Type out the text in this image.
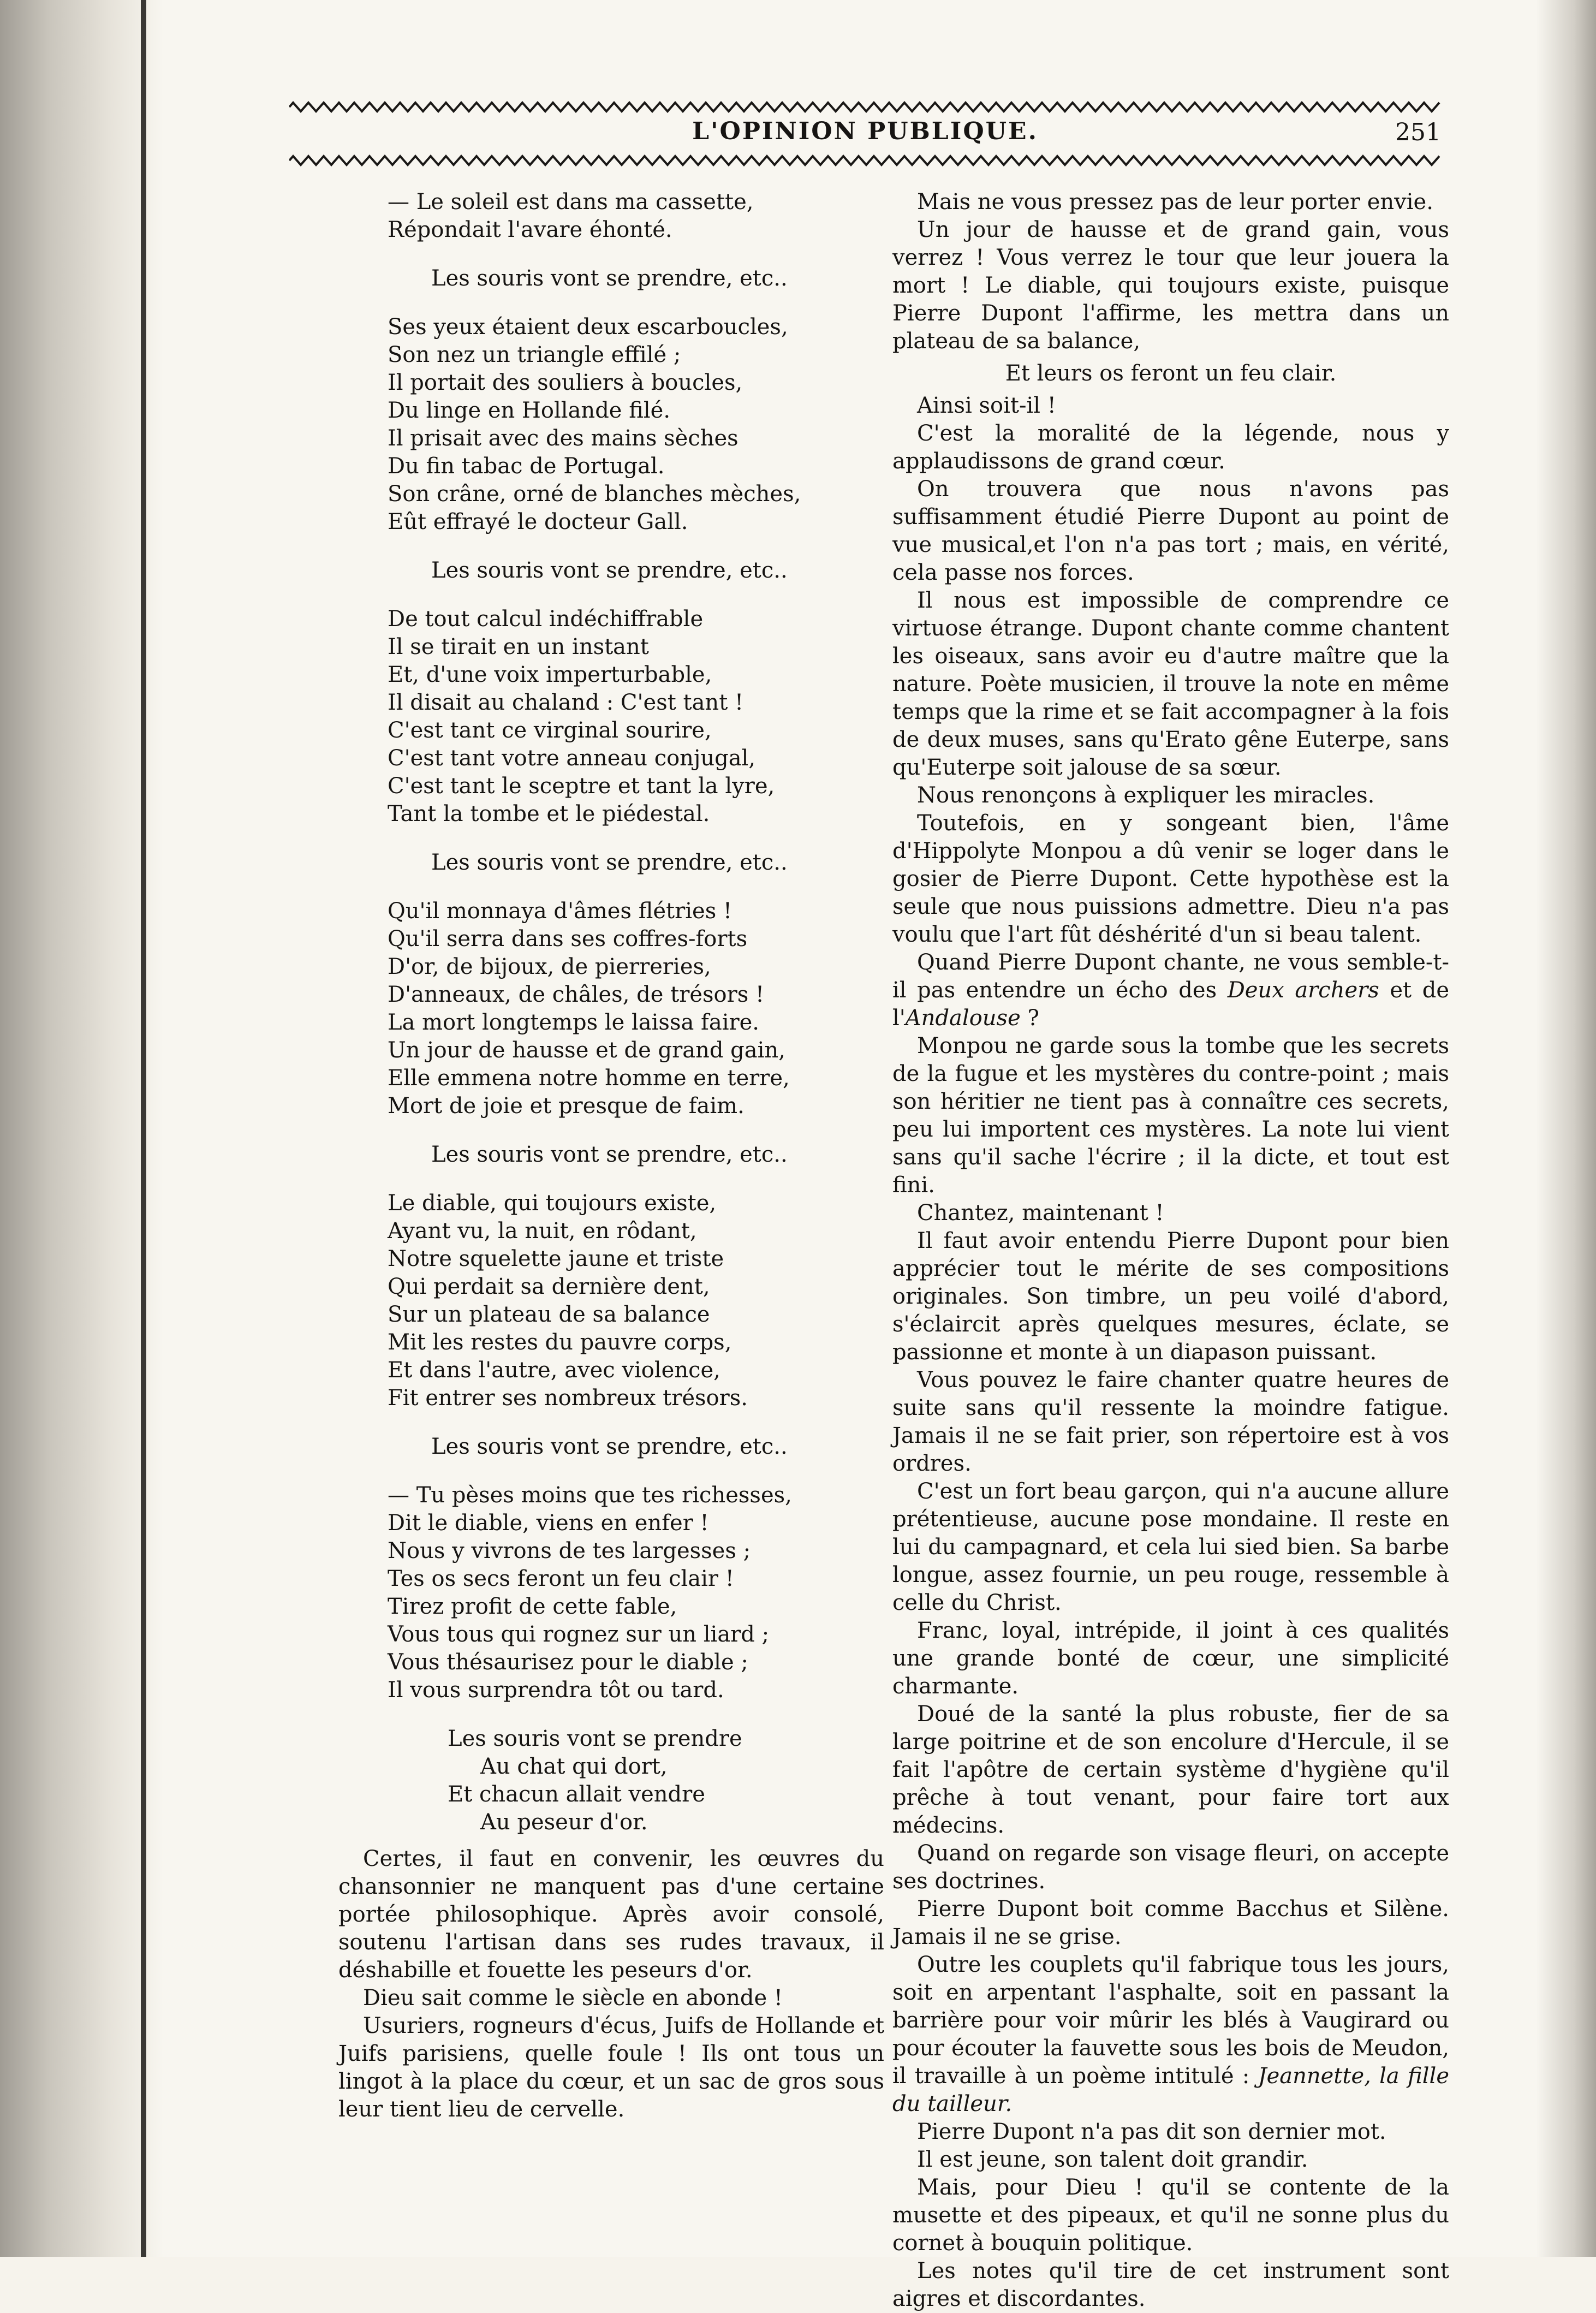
L'OPINION PUBLIQUE.	251
— Le soleil est dans ma cassette,
Répondait l'avare éhonté.
Les souris vont se prendre, etc..
Ses yeux étaient deux escarboucles,
Son nez un triangle effilé ;
Il portait des souliers à boucles,
Du linge en Hollande filé.
Il prisait avec des mains sèches
Du fin tabac de Portugal.
Son crâne, orné de blanches mèches,
Eût effrayé le docteur Gall.
Les souris vont se prendre, etc..
De tout calcul indéchiffrable
Il se tirait en un instant
Et, d'une voix imperturbable,
Il disait au chaland : C'est tant !
C'est tant ce virginal sourire,
C'est tant votre anneau conjugal,
C'est tant le sceptre et tant la lyre,
Tant la tombe et le piédestal.
Les souris vont se prendre, etc..
Qu'il monnaya d'âmes flétries !
Qu'il serra dans ses coffres-forts
D'or, de bijoux, de pierreries,
D'anneaux, de châles, de trésors !
La mort longtemps le laissa faire.
Un jour de hausse et de grand gain,
Elle emmena notre homme en terre,
Mort de joie et presque de faim.
Les souris vont se prendre, etc..
Le diable, qui toujours existe,
Ayant vu, la nuit, en rôdant,
Notre squelette jaune et triste
Qui perdait sa dernière dent,
Sur un plateau de sa balance
Mit les restes du pauvre corps,
Et dans l'autre, avec violence,
Fit entrer ses nombreux trésors.
Les souris vont se prendre, etc..
— Tu pèses moins que tes richesses,
Dit le diable, viens en enfer !
Nous y vivrons de tes largesses ;
Tes os secs feront un feu clair !
Tirez profit de cette fable,
Vous tous qui rognez sur un liard ;
Vous thésaurisez pour le diable ;
Il vous surprendra tôt ou tard.
Les souris vont se prendre
Au chat qui dort,
Et chacun allait vendre
Au peseur d'or.
Certes, il faut en convenir, les œuvres du chansonnier ne manquent pas d'une certaine portée philosophique. Après avoir consolé, soutenu l'artisan dans ses rudes travaux, il déshabille et fouette les peseurs d'or.
Dieu sait comme le siècle en abonde !
Usuriers, rogneurs d'écus, Juifs de Hollande et Juifs parisiens, quelle foule ! Ils ont tous un lingot à la place du cœur, et un sac de gros sous leur tient lieu de cervelle.
Mais ne vous pressez pas de leur porter envie.
Un jour de hausse et de grand gain, vous verrez ! Vous verrez le tour que leur jouera la mort ! Le diable, qui toujours existe, puisque Pierre Dupont l'affirme, les mettra dans un plateau de sa balance,
Et leurs os feront un feu clair.
Ainsi soit-il !
C'est la moralité de la légende, nous y applaudissons de grand cœur.
On trouvera que nous n'avons pas suffisamment étudié Pierre Dupont au point de vue musical,et l'on n'a pas tort ; mais, en vérité, cela passe nos forces.
Il nous est impossible de comprendre ce virtuose étrange. Dupont chante comme chantent les oiseaux, sans avoir eu d'autre maître que la nature. Poète musicien, il trouve la note en même temps que la rime et se fait accompagner à la fois de deux muses, sans qu'Erato gêne Euterpe, sans qu'Euterpe soit jalouse de sa sœur.
Nous renonçons à expliquer les miracles.
Toutefois, en y songeant bien, l'âme d'Hippolyte Monpou a dû venir se loger dans le gosier de Pierre Dupont. Cette hypothèse est la seule que nous puissions admettre. Dieu n'a pas voulu que l'art fût déshérité d'un si beau talent.
Quand Pierre Dupont chante, ne vous semble-t-il pas entendre un écho des Deux archers et de l'Andalouse ?
Monpou ne garde sous la tombe que les secrets de la fugue et les mystères du contre-point ; mais son héritier ne tient pas à connaître ces secrets, peu lui importent ces mystères. La note lui vient sans qu'il sache l'écrire ; il la dicte, et tout est fini.
Chantez, maintenant !
Il faut avoir entendu Pierre Dupont pour bien apprécier tout le mérite de ses compositions originales. Son timbre, un peu voilé d'abord, s'éclaircit après quelques mesures, éclate, se passionne et monte à un diapason puissant.
Vous pouvez le faire chanter quatre heures de suite sans qu'il ressente la moindre fatigue. Jamais il ne se fait prier, son répertoire est à vos ordres.
C'est un fort beau garçon, qui n'a aucune allure prétentieuse, aucune pose mondaine. Il reste en lui du campagnard, et cela lui sied bien. Sa barbe longue, assez fournie, un peu rouge, ressemble à celle du Christ.
Franc, loyal, intrépide, il joint à ces qualités une grande bonté de cœur, une simplicité charmante.
Doué de la santé la plus robuste, fier de sa large poitrine et de son encolure d'Hercule, il se fait l'apôtre de certain système d'hygiène qu'il prêche à tout venant, pour faire tort aux médecins.
Quand on regarde son visage fleuri, on accepte ses doctrines.
Pierre Dupont boit comme Bacchus et Silène. Jamais il ne se grise.
Outre les couplets qu'il fabrique tous les jours, soit en arpentant l'asphalte, soit en passant la barrière pour voir mûrir les blés à Vaugirard ou pour écouter la fauvette sous les bois de Meudon, il travaille à un poème intitulé : Jeannette, la fille du tailleur.
Pierre Dupont n'a pas dit son dernier mot.
Il est jeune, son talent doit grandir.
Mais, pour Dieu ! qu'il se contente de la musette et des pipeaux, et qu'il ne sonne plus du cornet à bouquin politique.
Les notes qu'il tire de cet instrument sont aigres et discordantes.
